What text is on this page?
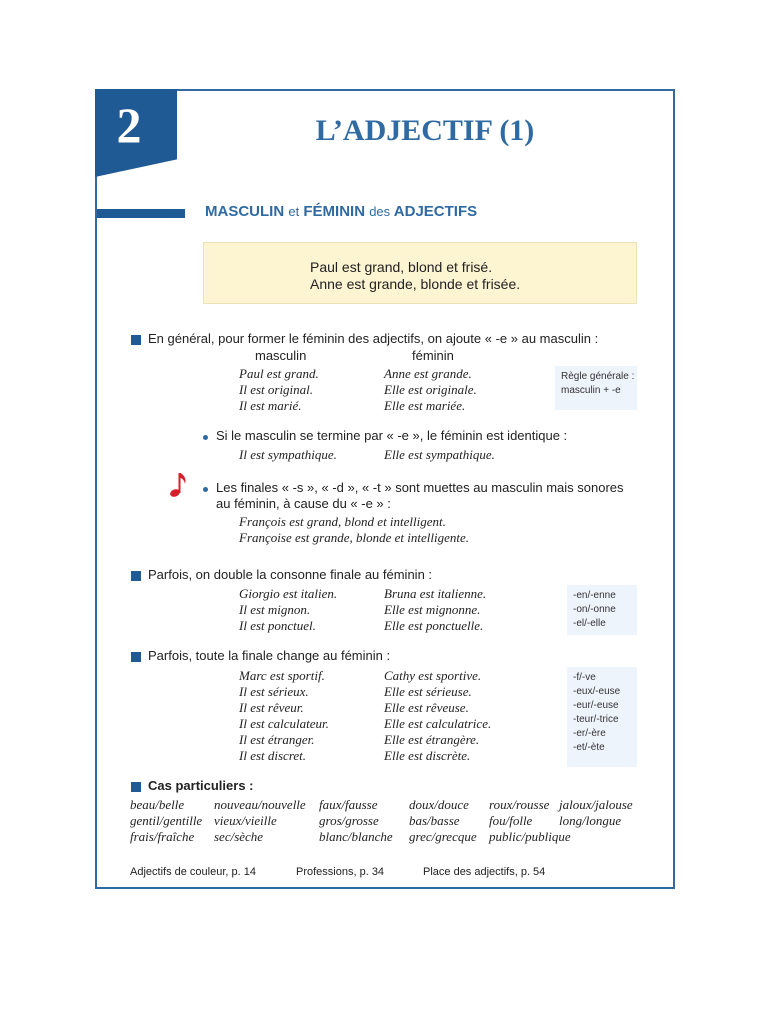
2	L’ADJECTIF (1)
MASCULIN et FÉMININ des ADJECTIFS
Paul est grand, blond et frisé.
Anne est grande, blonde et frisée.
En général, pour former le féminin des adjectifs, on ajoute « -e » au masculin :
masculin	féminin
Paul est grand.	Anne est grande.
Il est original.	Elle est originale.
Il est marié.	Elle est mariée.
Règle générale :
masculin + -e
Si le masculin se termine par « -e », le féminin est identique :
Il est sympathique.	Elle est sympathique.
Les finales « -s », « -d », « -t » sont muettes au masculin mais sonores
au féminin, à cause du « -e » :
François est grand, blond et intelligent.
Françoise est grande, blonde et intelligente.
Parfois, on double la consonne finale au féminin :
Giorgio est italien.	Bruna est italienne.
Il est mignon.	Elle est mignonne.
Il est ponctuel.	Elle est ponctuelle.
-en/-enne
-on/-onne
-el/-elle
Parfois, toute la finale change au féminin :
Marc est sportif.	Cathy est sportive.
Il est sérieux.	Elle est sérieuse.
Il est rêveur.	Elle est rêveuse.
Il est calculateur.	Elle est calculatrice.
Il est étranger.	Elle est étrangère.
Il est discret.	Elle est discrète.
-f/-ve
-eux/-euse
-eur/-euse
-teur/-trice
-er/-ère
-et/-ète
Cas particuliers :
beau/belle nouveau/nouvelle faux/fausse doux/douce roux/rousse jaloux/jalouse
gentil/gentille vieux/vieille	gros/grosse bas/basse fou/folle long/longue
frais/fraîche sec/sèche	blanc/blanche grec/grecque public/publique
Adjectifs de couleur, p. 14	Professions, p. 34	Place des adjectifs, p. 54
